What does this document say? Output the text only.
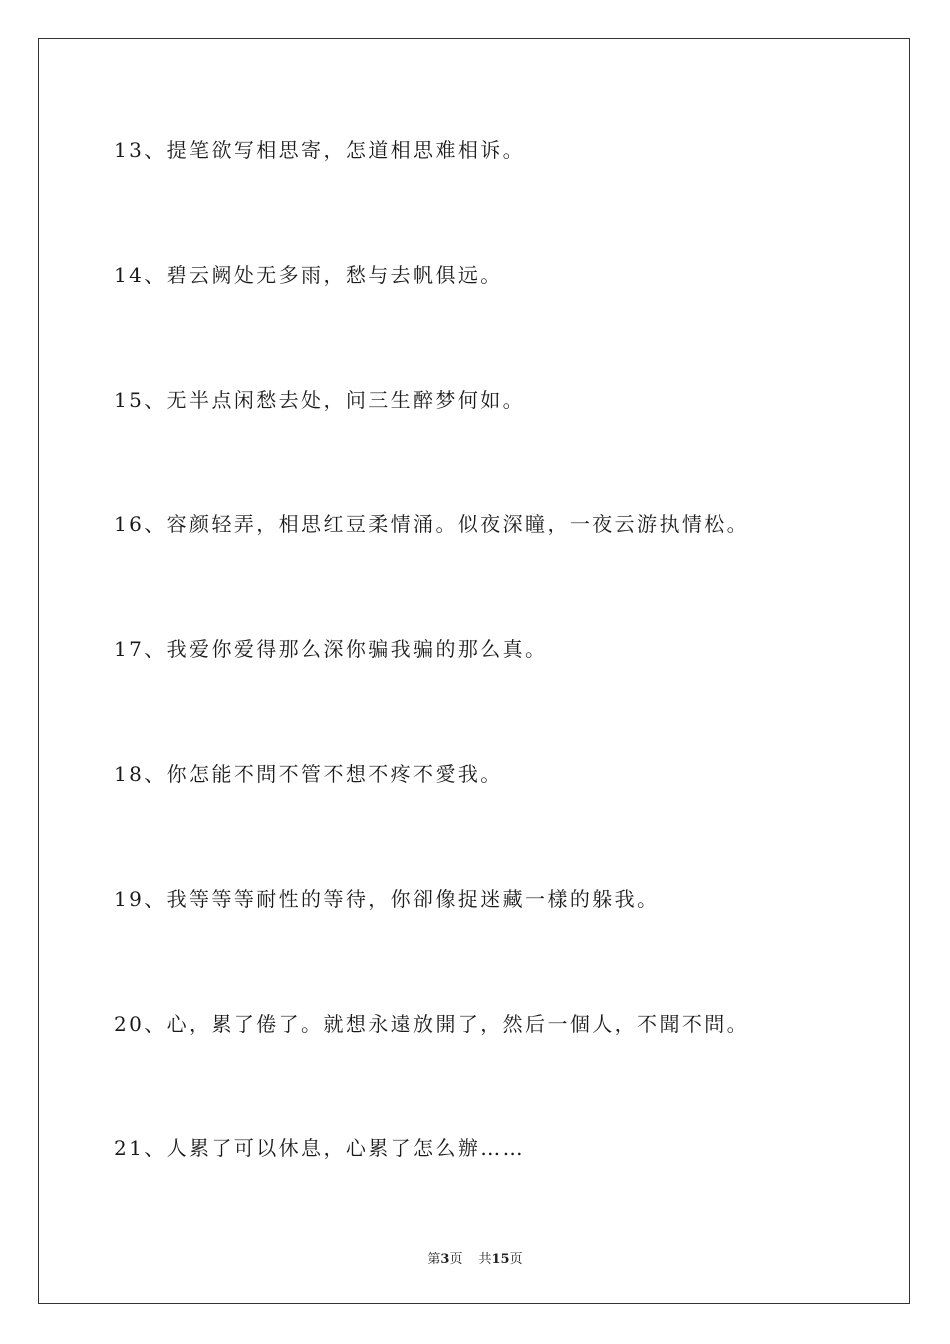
13、提笔欲写相思寄，怎道相思难相诉。
14、碧云阙处无多雨，愁与去帆俱远。
15、无半点闲愁去处，问三生醉梦何如。
16、容颜轻弄，相思红豆柔情涌。似夜深瞳，一夜云游执情松。
17、我爱你爱得那么深你骗我骗的那么真。
18、你怎能不問不管不想不疼不愛我。
19、我等等等耐性的等待，你卻像捉迷藏一樣的躲我。
20、心，累了倦了。就想永遠放開了，然后一個人，不聞不問。
21、人累了可以休息，心累了怎么辦……
第3页 共15页
